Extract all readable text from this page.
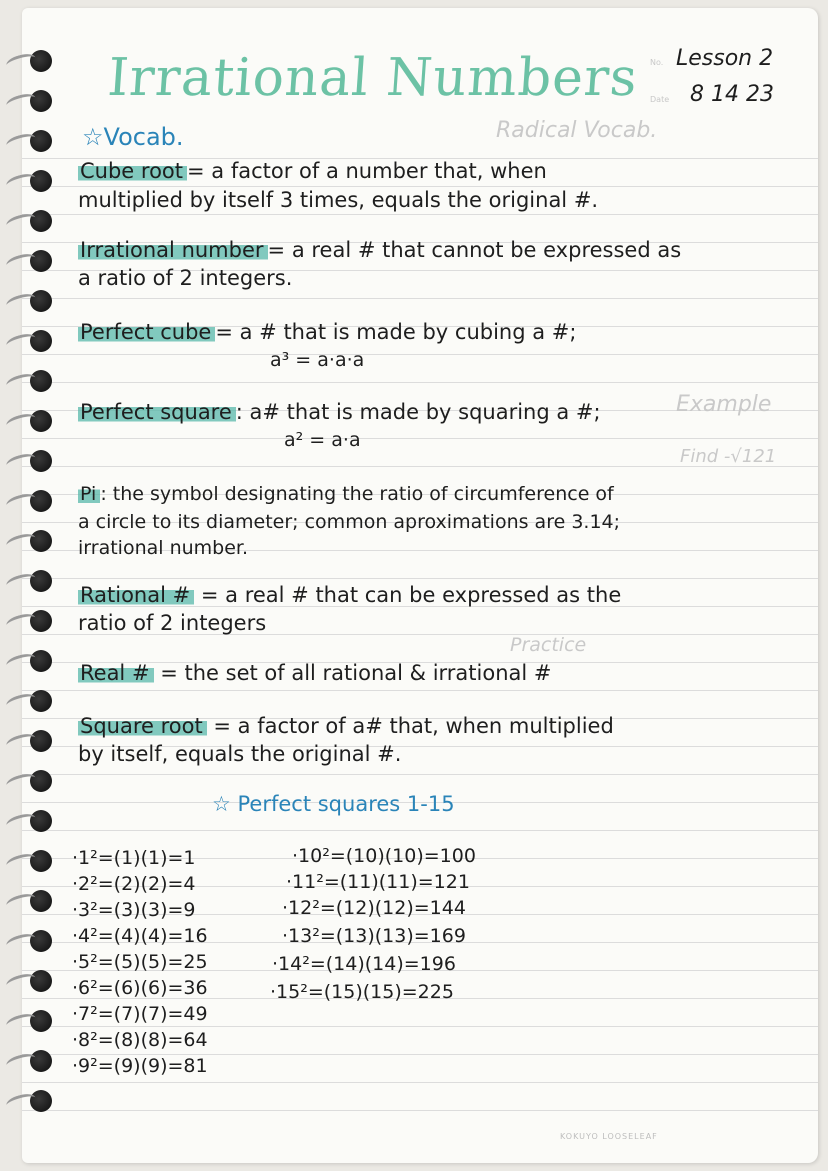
Radical Vocab.
Example
Find -√121
Practice
Irrational Numbers No. Lesson 2
Date 8 14 23
☆Vocab.
Cube root = a factor of a number that, when
multiplied by itself 3 times, equals the original #.
Irrational number = a real # that cannot be expressed as
a ratio of 2 integers.
Perfect cube = a # that is made by cubing a #;
a³ = a·a·a
Perfect square : a# that is made by squaring a #;
a² = a·a
Pi : the symbol designating the ratio of circumference of
a circle to its diameter; common aproximations are 3.14;
irrational number.
Rational # = a real # that can be expressed as the
ratio of 2 integers
Real # = the set of all rational & irrational #
Square root = a factor of a# that, when multiplied
by itself, equals the original #.
☆ Perfect squares 1-15
·1²=(1)(1)=1
·2²=(2)(2)=4
·3²=(3)(3)=9
·4²=(4)(4)=16
·5²=(5)(5)=25
·6²=(6)(6)=36
·7²=(7)(7)=49
·8²=(8)(8)=64
·9²=(9)(9)=81
·10²=(10)(10)=100
·11²=(11)(11)=121
·12²=(12)(12)=144
·13²=(13)(13)=169
·14²=(14)(14)=196
·15²=(15)(15)=225
KOKUYO LOOSELEAF
